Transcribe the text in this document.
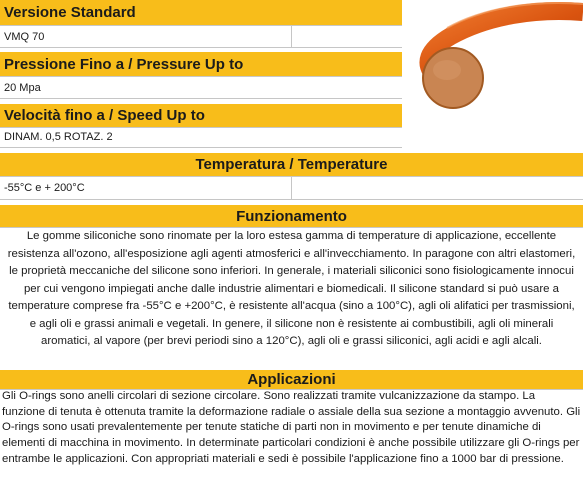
Versione Standard
VMQ 70
Pressione Fino a / Pressure Up to
20 Mpa
Velocità fino a / Speed Up to
DINAM. 0,5 ROTAZ. 2
Temperatura / Temperature
-55°C e + 200°C
Funzionamento
Le gomme siliconiche sono rinomate per la loro estesa gamma di temperature di applicazione, eccellente resistenza all'ozono, all'esposizione agli agenti atmosferici e all'invecchiamento. In paragone con altri elastomeri, le proprietà meccaniche del silicone sono inferiori. In generale, i materiali siliconici sono fisiologicamente innocui per cui vengono impiegati anche dalle industrie alimentari e biomedicali. Il silicone standard si può usare a temperature comprese fra -55°C e +200°C, è resistente all'acqua (sino a 100°C), agli oli alifatici per trasmissioni, e agli oli e grassi animali e vegetali. In genere, il silicone non è resistente ai combustibili, agli oli minerali aromatici, al vapore (per brevi periodi sino a 120°C), agli oli e grassi siliconici, agli acidi e agli alcali.
Applicazioni
Gli O-rings sono anelli circolari di sezione circolare. Sono realizzati tramite vulcanizzazione da stampo. La funzione di tenuta è ottenuta tramite la deformazione radiale o assiale della sua sezione a montaggio avvenuto. Gli O-rings sono usati prevalentemente per tenute statiche di parti non in movimento e per tenute dinamiche di elementi di macchina in movimento. In determinate particolari condizioni è anche possibile utilizzare gli O-rings per entrambe le applicazioni. Con appropriati materiali e sedi è possibile l'applicazione fino a 1000 bar di pressione.
